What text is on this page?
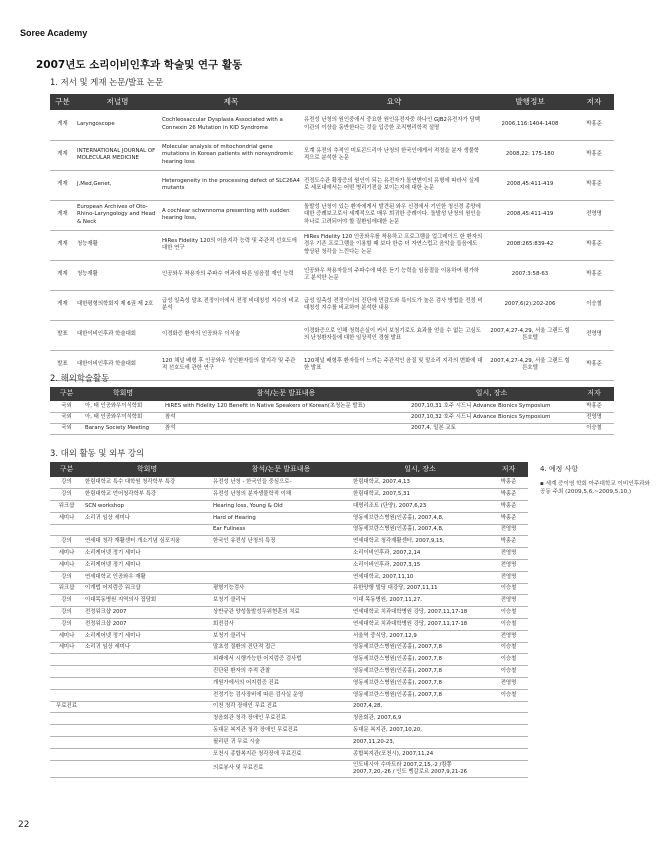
Soree Academy
2007년도 소리이비인후과 학술및 연구 활동
1. 저서 및 게재 논문/발표 논문
구분	저널명	제목	요약	발행정보	저자
게재	Laryngoscope	Cochleosaccular Dysplasia Associated with a Connexin 26 Mutation in KID Syndrome	유전성 난청의 원인중에서 중요한 원인유전자중 하나인 GJB2유전자가 담백이관의 이상을 동반한다는 것을 입증한 조직병리학적 설명	2006,116:1404-1408	박홍준
게재	INTERNATIONAL JOURNAL OF MOLECULAR MEDICINE	Molecular analysis of mitochondrial gene mutations in Korean patients with nonsyndromic hearing loss	모계 유전의 추적인 미토콘드리아 난청의 한국인에게서 적정을 분자 생물학 적으로 분석한 논문	2008,22: 175-180	박홍준
게재	J,Med,Genet,	Heterogeneity in the processing defect of SLC26A4 mutants	전정도수관 확장증의 원인이 되는 유전자가 돌연변이의 유형에 따라서 실제로 세포내에서는 어떤 병리기전을 보이는지에 대한 논문	2008,45:411-419	박홍준
게재	European Archives of Oto-Rhino-Laryngology and Head & Neck	A cochlear schwnnoma presenting with sudden hearing loss,	돌발성 난청이 있는 환자에게서 발견된 와우 신경에서 기인한 청신경 종양에 대한 증례보고로서 세계적으로 매우 희귀한 증례이다. 돌발성 난청의 원인을 하나로 고려되어야 할 질환임에대한 논문	2008,45:411-419	전영명
게재	청능재활	HiRes Fidelity 120의 어음지각 능력 및 주관적 선호도에 대한 연구	HiRes Fidelity 120 인공와우를 착용하고 프로그램을 업그레이드 한 환자의 경우 기존 프로그램을 이용할 때 보다 한층 더 자연스럽고 음악을 들음에도 향상된 청각을 느낀다는 논문	2008:265:839-42	박홍준
게재	청능재활	인공와우 착용자의 주파수 여과에 따른 임음절 재인 능력	인공와우 착용자들의 주파수에 따른 듣기 능력을 임음절을 이용하여 평가하고 분석한 논문	2007:3:58-63	박홍준
게재	대한평형의학회지 제 6권 제 2호	급성 일측성 말초 전정이이에서 전정 비대칭성 지수의 비교분석	급성 일측성 전정이이의 진단에 민감도와 특이도가 높은 검사 방법을 전정 비대칭성 지수를 비교하여 분석한 내용	2007,6(2):202-206	이승철
발표	대한이비인후과 학술대회	이경화증 환자의 인공와우 이식술	이경화증으로 인해 청력손실이 커서 보청기로도 효과를 얻을 수 없는 고심도의 난청환자들에 대한 임상적인 경험 발표	2007,4,27-4,29, 서울 그랜드 힐튼호텔	전영명
발표	대한이비인후과 학술대회	120 채널 배형 후 인공와우 성인환자들의 말지각 및 주관적 선호도에 관한 연구	120채널 배형후 환자들이 느끼는 주관적인 음질 및 말소리 지각의 변화에 대한 발표	2007,4,27-4,29, 서울 그랜드 힐튼호텔	박홍준
2. 해외학술활동
구분	학회명	참석/논문 발표내용	일시, 장소	저자
국외	아, 태 인공와우이식학회	HiRES with Fidelity 120 Benefit in Native Speakers of Korean(초청논문 발표)	2007,10,31 호주 시드니 Advance Bionics Symposium	박홍준
국외	아, 태 인공와우이식학회	참석	2007,10,32 호주 시드니 Advance Bionics Symposium	전영명
국외	Barany Society Meeting	참석	2007,4, 일본 교토	이승철
3. 대외 활동 및 외부 강의
구분	학회명	참석/논문 발표내용	일시, 장소	저자
강의	한림대학교 특수 대학원 청각학부 특강	유전성 난청 - 한국인을 중심으로-	한림대학교, 2007,4,13	박홍준
강의	한림대학교 언어청각학부 특강	유전성 난청의 분자생물학적 이해	한림대학교, 2007,5,31	박홍준
워크샵	SCN workshop	Hearing loss, Young & Old	대명리조트 (단양), 2007,6,23	박홍준
세미나	소리귀 임상 세미나	Hard of Hearing	영동세브란스병원(인종홀), 2007,4,8,	박홍준
		Ear Fullness	영동세브란스병원(인종홀), 2007,4,8,	전영명
강의	연세대 청각 재활센터 개소기념 심포지움	한국인 유전성 난청의 특징	연세대학교 청각재활센터, 2007,9,15,	박홍준
세미나	소리케어넷 정기 세미나		소리이비인후과, 2007,2,14	전영명
세미나	소리케어넷 정기 세미나		소리이비인후과, 2007,3,15	전영명
강의	연세대학교 인공와우 재활		연세대학교, 2007,11,10	전영명
워크샵	이개법 어지럼증 워크샵	평형기능검사	유한양행 빌딩 대강당, 2007,11,11	이승철
강의	이대목동병원 지역의사 집담회	보청기 클리닉	이대 목동병원, 2007,11,27,	전영명
강의	전정워크샵 2007	상반규관 양성돌발성두위현훈의 치료	연세대학교 치과대학병원 강당, 2007,11,17-18	이승철
강의	전정워크샵 2007	회전검사	연세대학교 치과대학병원 강당, 2007,11,17-18	이승철
세미나	소리케어넷 정기 세미나	보청기 클리닉	서울역 중식당, 2007,12,9	전영명
세미나	소리귀 임상 세미나	말초성 질환의 진단적 접근	영동세브란스병원(인종홀), 2007,7,8	이승철
		외래에서 시행가능한 어지럼증 검사법	영동세브란스병원(인종홀), 2007,7,8	이승철
		진단된 환자의 추적 관찰	영동세브란스병원(인종홀), 2007,7,8	이승철
		개원가에서의 어지럼증 진료	영동세브란스병원(인종홀), 2007,7,8	전영명
		전정기능 검사장비에 따른 검사실 운영	영동세브란스병원(인종홀), 2007,7,8	이승철
무료진료		이천 청각 장애인 무료 진료	2007,4,28,	
		청음회관 청각 장애인 무료진료	청음회관, 2007,6,9	
		동대문 복지관 청각 장애인 무료진료	동대문 복지관, 2007,10,20,	
		필리핀 귀 무료 시술	2007,11,20-23,	
		포천시 종합복지관 청각장애 무료진료	종합복지관(포천시), 2007,11,24	
		의료봉사 및 무료진료	인도네시아 수마트라 2007,2,15,-2 /캄쫑 2007,7,20,-26 / 인도 벵갈로르 2007,9,21-26	
4. 예정 사항
▪ 세계 증이염 학회 아주대학교 이비인후과와 공동 주최 (2009,5,6,~2009,5,10,)
22
